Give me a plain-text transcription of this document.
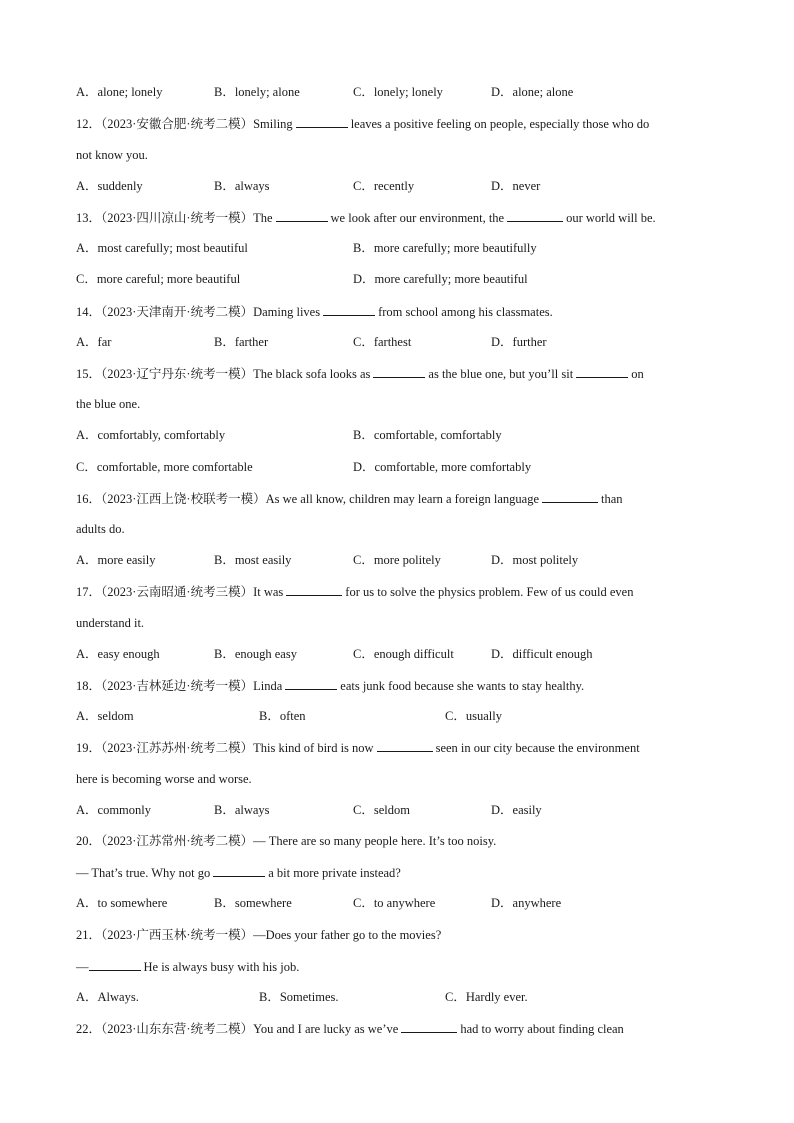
A．alone; lonely	B．lonely; alone	C．lonely; lonely	D．alone; alone
12．（2023·安徽合肥·统考二模）Smiling	leaves a positive feeling on people, especially those who do
not know you.
A．suddenly	B．always	C．recently	D．never
13．（2023·四川凉山·统考一模）The	we look after our environment, the	our world will be.
A．most carefully; most beautiful	B．more carefully; more beautifully
C．more careful; more beautiful	D．more carefully; more beautiful
14．（2023·天津南开·统考二模）Daming lives	from school among his classmates.
A．far	B．farther	C．farthest	D．further
15．（2023·辽宁丹东·统考一模）The black sofa looks as	as the blue one, but you’ll sit	on
the blue one.
A．comfortably, comfortably	B．comfortable, comfortably
C．comfortable, more comfortable	D．comfortable, more comfortably
16．（2023·江西上饶·校联考一模）As we all know, children may learn a foreign language	than
adults do.
A．more easily	B．most easily	C．more politely	D．most politely
17．（2023·云南昭通·统考三模）It was	for us to solve the physics problem. Few of us could even
understand it.
A．easy enough	B．enough easy	C．enough difficult	D．difficult enough
18．（2023·吉林延边·统考一模）Linda	eats junk food because she wants to stay healthy.
A．seldom	B．often	C．usually
19．（2023·江苏苏州·统考二模）This kind of bird is now	seen in our city because the environment
here is becoming worse and worse.
A．commonly	B．always	C．seldom	D．easily
20．（2023·江苏常州·统考二模）— There are so many people here. It’s too noisy.
— That’s true. Why not go	a bit more private instead?
A．to somewhere	B．somewhere	C．to anywhere	D．anywhere
21．（2023·广西玉林·统考一模）—Does your father go to the movies?
—	He is always busy with his job.
A．Always.	B．Sometimes.	C．Hardly ever.
22．（2023·山东东营·统考二模）You and I are lucky as we’ve	had to worry about finding clean
